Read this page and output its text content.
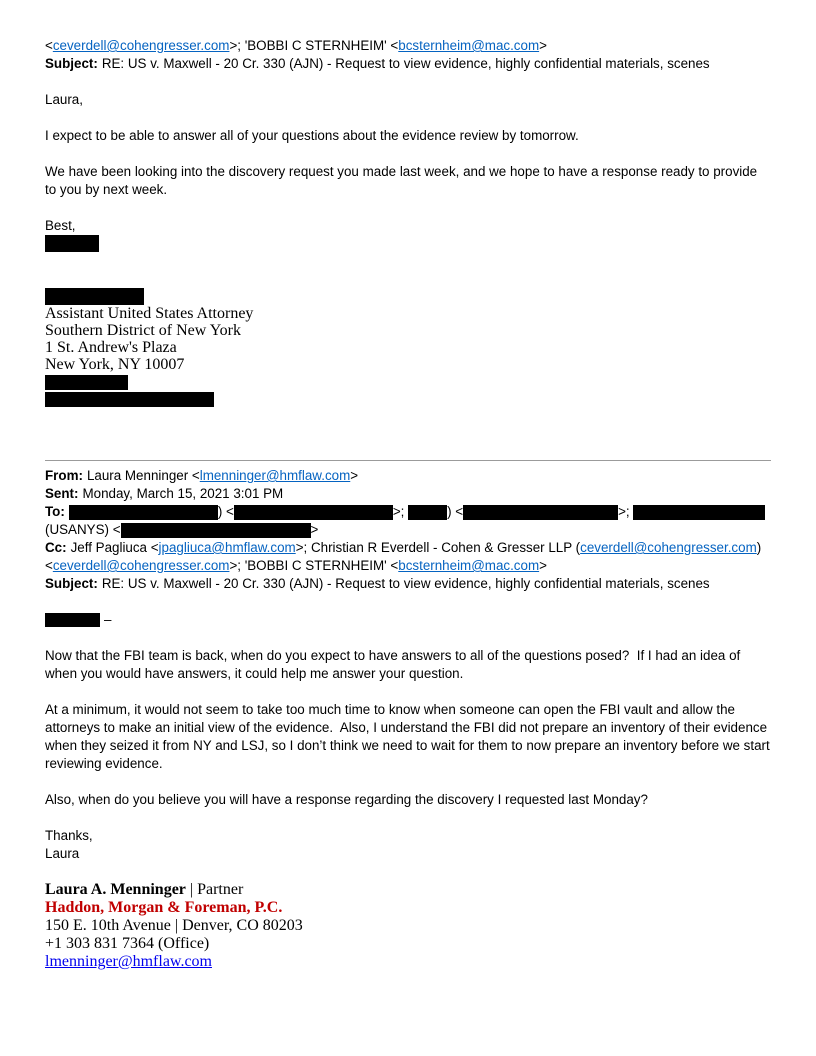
<ceverdell@cohengresser.com>; 'BOBBI C STERNHEIM' <bcsternheim@mac.com>
Subject: RE: US v. Maxwell - 20 Cr. 330 (AJN) - Request to view evidence, highly confidential materials, scenes
Laura,
I expect to be able to answer all of your questions about the evidence review by tomorrow.
We have been looking into the discovery request you made last week, and we hope to have a response ready to provide to you by next week.
Best,
Assistant United States Attorney
Southern District of New York
1 St. Andrew's Plaza
New York, NY 10007
From: Laura Menninger <lmenninger@hmflaw.com>
Sent: Monday, March 15, 2021 3:01 PM
To:	) <	>;	) <	>;
(USANYS) <	>
Cc: Jeff Pagliuca <jpagliuca@hmflaw.com>; Christian R Everdell - Cohen & Gresser LLP (ceverdell@cohengresser.com)
<ceverdell@cohengresser.com>; 'BOBBI C STERNHEIM' <bcsternheim@mac.com>
Subject: RE: US v. Maxwell - 20 Cr. 330 (AJN) - Request to view evidence, highly confidential materials, scenes
–
Now that the FBI team is back, when do you expect to have answers to all of the questions posed?  If I had an idea of when you would have answers, it could help me answer your question.
At a minimum, it would not seem to take too much time to know when someone can open the FBI vault and allow the attorneys to make an initial view of the evidence.  Also, I understand the FBI did not prepare an inventory of their evidence when they seized it from NY and LSJ, so I don’t think we need to wait for them to now prepare an inventory before we start reviewing evidence.
Also, when do you believe you will have a response regarding the discovery I requested last Monday?
Thanks,
Laura
Laura A. Menninger | Partner
Haddon, Morgan & Foreman, P.C.
150 E. 10th Avenue | Denver, CO 80203
+1 303 831 7364 (Office)
lmenninger@hmflaw.com
